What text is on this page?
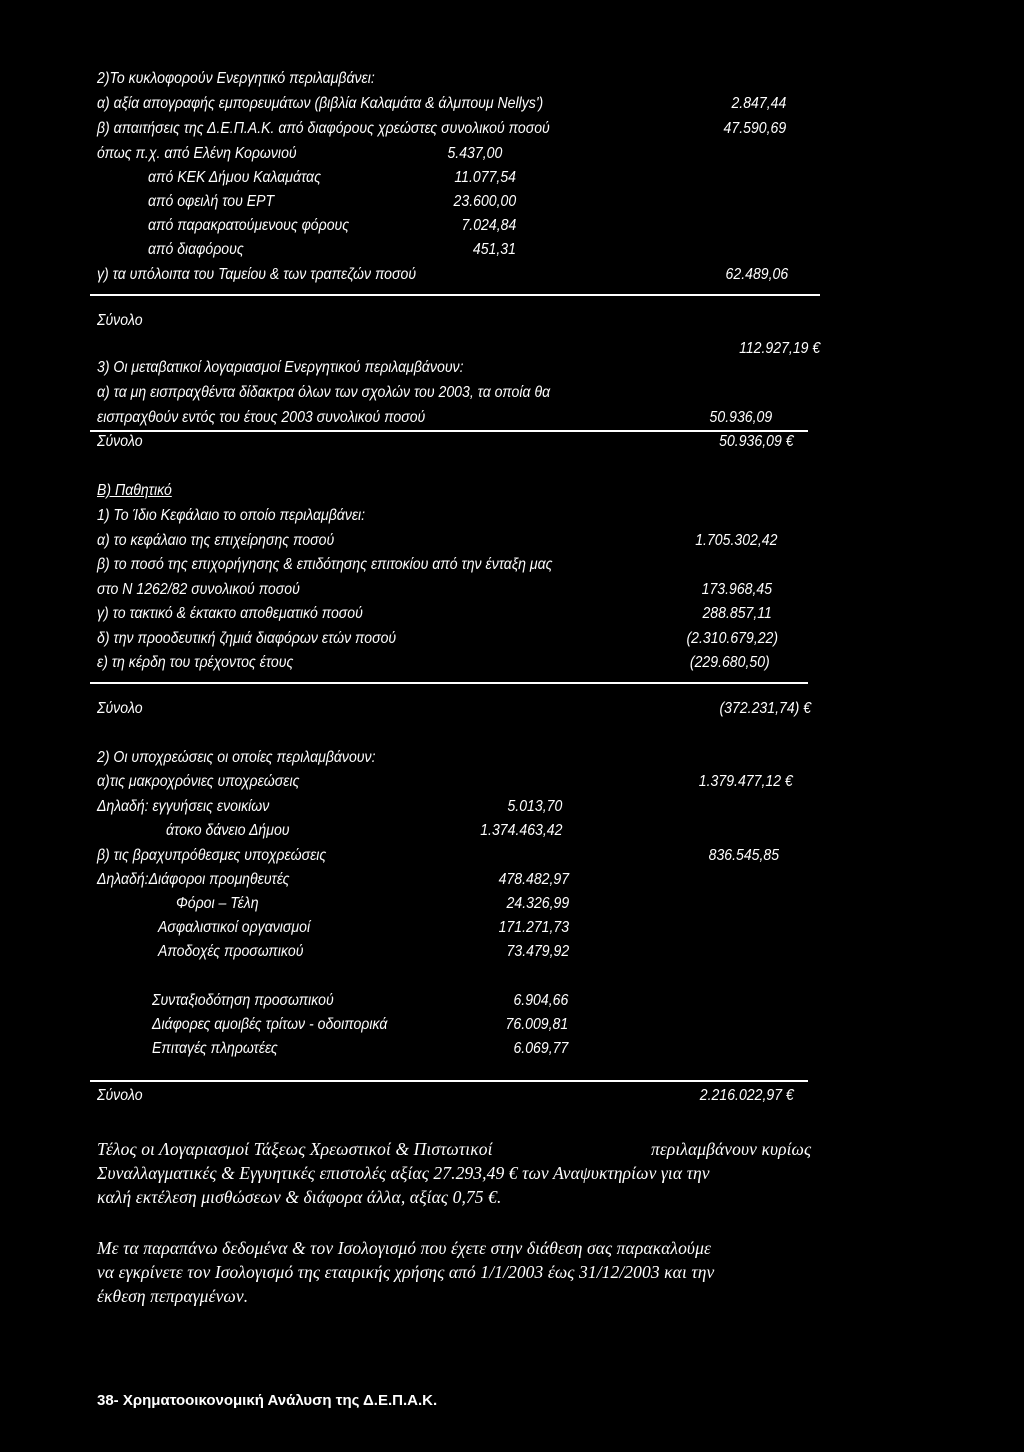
2)Το κυκλοφορούν Ενεργητικό περιλαμβάνει:
α) αξία απογραφής εμπορευμάτων (βιβλία Καλαμάτα & άλμπουμ Nellys')	2.847,44
β) απαιτήσεις της Δ.Ε.Π.Α.Κ. από διαφόρους χρεώστες συνολικού ποσού	47.590,69
όπως π.χ. από Ελένη Κορωνιού	5.437,00
από ΚΕΚ Δήμου Καλαμάτας	11.077,54
από οφειλή του ΕΡΤ	23.600,00
από παρακρατούμενους φόρους	7.024,84
από διαφόρους	451,31
γ) τα υπόλοιπα του Ταμείου & των τραπεζών ποσού	62.489,06
Σύνολο
112.927,19 €
3) Οι μεταβατικοί λογαριασμοί Ενεργητικού περιλαμβάνουν:
α) τα μη εισπραχθέντα δίδακτρα όλων των σχολών του 2003, τα οποία θα
εισπραχθούν εντός του έτους 2003 συνολικού ποσού	50.936,09
Σύνολο	50.936,09 €
Β) Παθητικό
1) Το Ίδιο Κεφάλαιο το οποίο περιλαμβάνει:
α) το κεφάλαιο της επιχείρησης ποσού	1.705.302,42
β) το ποσό της επιχορήγησης & επιδότησης επιτοκίου από την ένταξη μας
στο Ν 1262/82 συνολικού ποσού	173.968,45
γ) το τακτικό & έκτακτο αποθεματικό ποσού	288.857,11
δ) την προοδευτική ζημιά διαφόρων ετών ποσού	(2.310.679,22)
ε) τη κέρδη του τρέχοντος έτους	(229.680,50)
Σύνολο	(372.231,74) €
2) Οι υποχρεώσεις οι οποίες περιλαμβάνουν:
α)τις μακροχρόνιες υποχρεώσεις	1.379.477,12 €
Δηλαδή: εγγυήσεις ενοικίων	5.013,70
άτοκο δάνειο Δήμου	1.374.463,42
β) τις βραχυπρόθεσμες υποχρεώσεις	836.545,85
Δηλαδή:Διάφοροι προμηθευτές	478.482,97
Φόροι – Τέλη	24.326,99
Ασφαλιστικοί οργανισμοί	171.271,73
Αποδοχές προσωπικού	73.479,92
Συνταξιοδότηση προσωπικού	6.904,66
Διάφορες αμοιβές τρίτων - οδοιπορικά	76.009,81
Επιταγές πληρωτέες	6.069,77
Σύνολο	2.216.022,97 €
Τέλος οι Λογαριασμοί Τάξεως Χρεωστικοί & Πιστωτικοί	περιλαμβάνουν κυρίως
Συναλλαγματικές & Εγγυητικές επιστολές αξίας 27.293,49 € των Αναψυκτηρίων για την
καλή εκτέλεση μισθώσεων & διάφορα άλλα, αξίας 0,75 €.
Με τα παραπάνω δεδομένα & τον Ισολογισμό που έχετε στην διάθεση σας παρακαλούμε
να εγκρίνετε τον Ισολογισμό της εταιρικής χρήσης από 1/1/2003 έως 31/12/2003 και την
έκθεση πεπραγμένων.
38- Χρηματοοικονομική Ανάλυση της Δ.Ε.Π.Α.Κ.
